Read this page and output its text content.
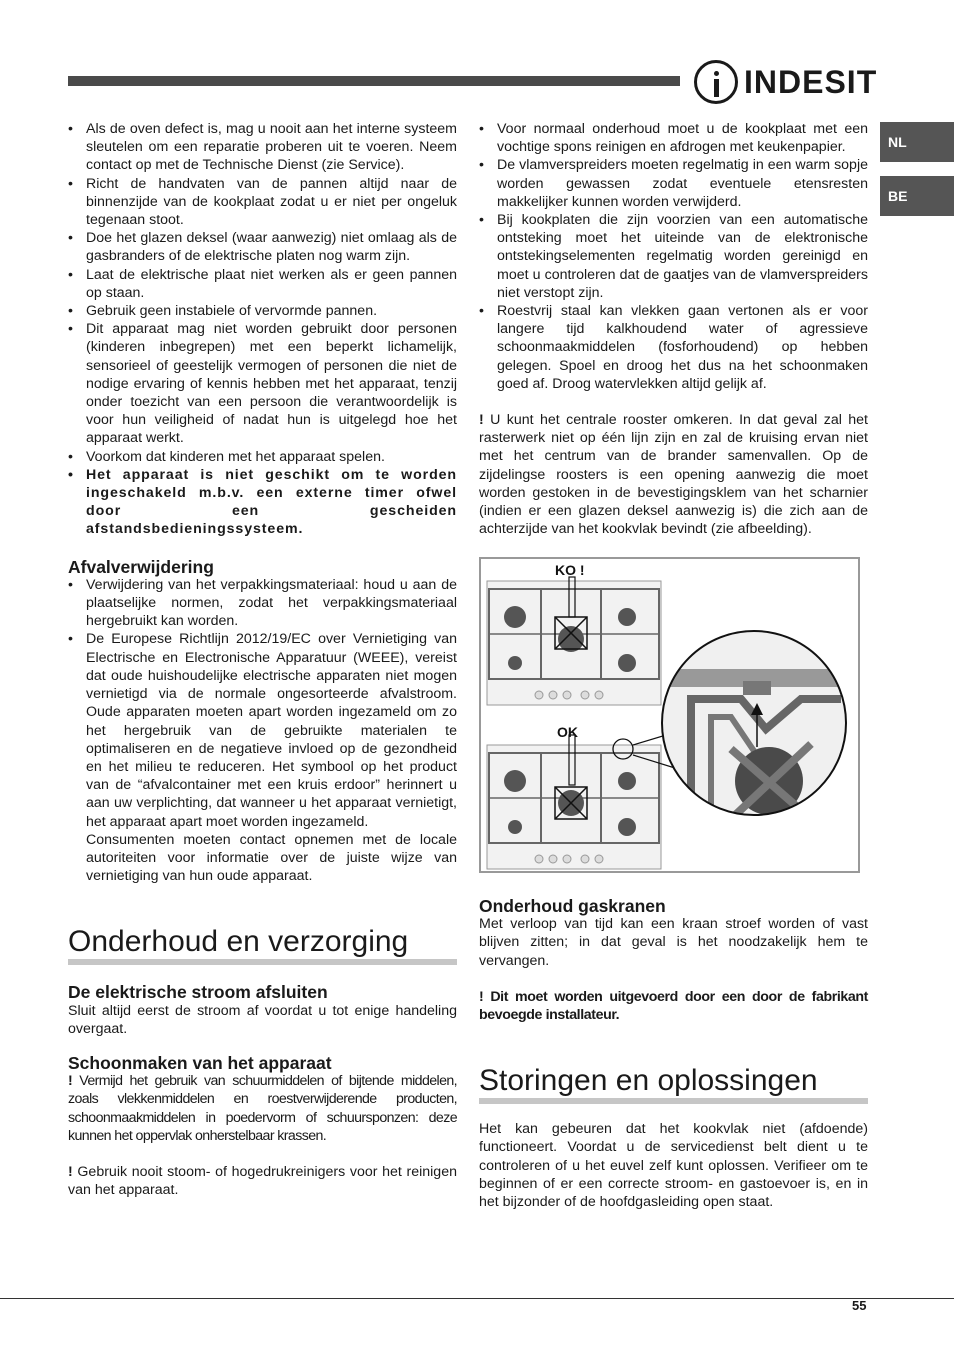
INDESIT
NL
BE
• Als de oven defect is, mag u nooit aan het interne systeem sleutelen om een reparatie proberen uit te voeren. Neem contact op met de Technische Dienst (zie Service).
• Richt de handvaten van de pannen altijd naar de binnenzijde van de kookplaat zodat u er niet per ongeluk tegenaan stoot.
• Doe het glazen deksel (waar aanwezig) niet omlaag als de gasbranders of de elektrische platen nog warm zijn.
• Laat de elektrische plaat niet werken als er geen pannen op staan.
• Gebruik geen instabiele of vervormde pannen.
• Dit apparaat mag niet worden gebruikt door personen (kinderen inbegrepen) met een beperkt lichamelijk, sensorieel of geestelijk vermogen of personen die niet de nodige ervaring of kennis hebben met het apparaat, tenzij onder toezicht van een persoon die verantwoordelijk is voor hun veiligheid of nadat hun is uitgelegd hoe het apparaat werkt.
• Voorkom dat kinderen met het apparaat spelen.
• Het apparaat is niet geschikt om te worden ingeschakeld m.b.v. een externe timer ofwel door een gescheiden afstandsbedieningssysteem.
Afvalverwijdering
• Verwijdering van het verpakkingsmateriaal: houd u aan de plaatselijke normen, zodat het verpakkingsmateriaal hergebruikt kan worden.
• De Europese Richtlijn 2012/19/EC over Vernietiging van Electrische en Electronische Apparatuur (WEEE), vereist dat oude huishoudelijke electrische apparaten niet mogen vernietigd via de normale ongesorteerde afvalstroom. Oude apparaten moeten apart worden ingezameld om zo het hergebruik van de gebruikte materialen te optimaliseren en de negatieve invloed op de gezondheid en het milieu te reduceren. Het symbool op het product van de “afvalcontainer met een kruis erdoor” herinnert u aan uw verplichting, dat wanneer u het apparaat vernietigt, het apparaat apart moet worden ingezameld.

Consumenten moeten contact opnemen met de locale autoriteiten voor informatie over de juiste wijze van vernietiging van hun oude apparaat.

Onderhoud en verzorging
De elektrische stroom afsluiten

Sluit altijd eerst de stroom af voordat u tot enige handeling overgaat.

Schoonmaken van het apparaat

! Vermijd het gebruik van schuurmiddelen of bijtende middelen, zoals vlekkenmiddelen en roestverwijderende producten, schoonmaakmiddelen in poedervorm of schuursponzen: deze kunnen het oppervlak onherstelbaar krassen.

! Gebruik nooit stoom- of hogedrukreinigers voor het reinigen van het apparaat.

• Voor normaal onderhoud moet u de kookplaat met een vochtige spons reinigen en afdrogen met keukenpapier.
• De vlamverspreiders moeten regelmatig in een warm sopje worden gewassen zodat eventuele etensresten makkelijker kunnen worden verwijderd.
• Bij kookplaten die zijn voorzien van een automatische ontsteking moet het uiteinde van de elektronische ontstekingselementen regelmatig worden gereinigd en moet u controleren dat de gaatjes van de vlamverspreiders niet verstopt zijn.
• Roestvrij staal kan vlekken gaan vertonen als er voor langere tijd kalkhoudend water of agressieve schoonmaakmiddelen (fosforhoudend) op hebben gelegen. Spoel en droog het dus na het schoonmaken goed af. Droog watervlekken altijd gelijk af.

! U kunt het centrale rooster omkeren. In dat geval zal het rasterwerk niet op één lijn zijn en zal de kruising ervan niet met het centrum van de brander samenvallen. Op de zijdelingse roosters is een opening aanwezig die moet worden gestoken in de bevestigingsklem van het scharnier (indien er een glazen deksel aanwezig is) die zich aan de achterzijde van het kookvlak bevindt (zie afbeelding).

KO !
OK
Onderhoud gaskranen

Met verloop van tijd kan een kraan stroef worden of vast blijven zitten; in dat geval is het noodzakelijk hem te vervangen.

! Dit moet worden uitgevoerd door een door de fabrikant bevoegde installateur.

Storingen en oplossingen

Het kan gebeuren dat het kookvlak niet (afdoende) functioneert. Voordat u de servicedienst belt dient u te controleren of u het euvel zelf kunt oplossen. Verifieer om te beginnen of er een correcte stroom- en gastoevoer is, en in het bijzonder of de hoofdgasleiding open staat.

55
